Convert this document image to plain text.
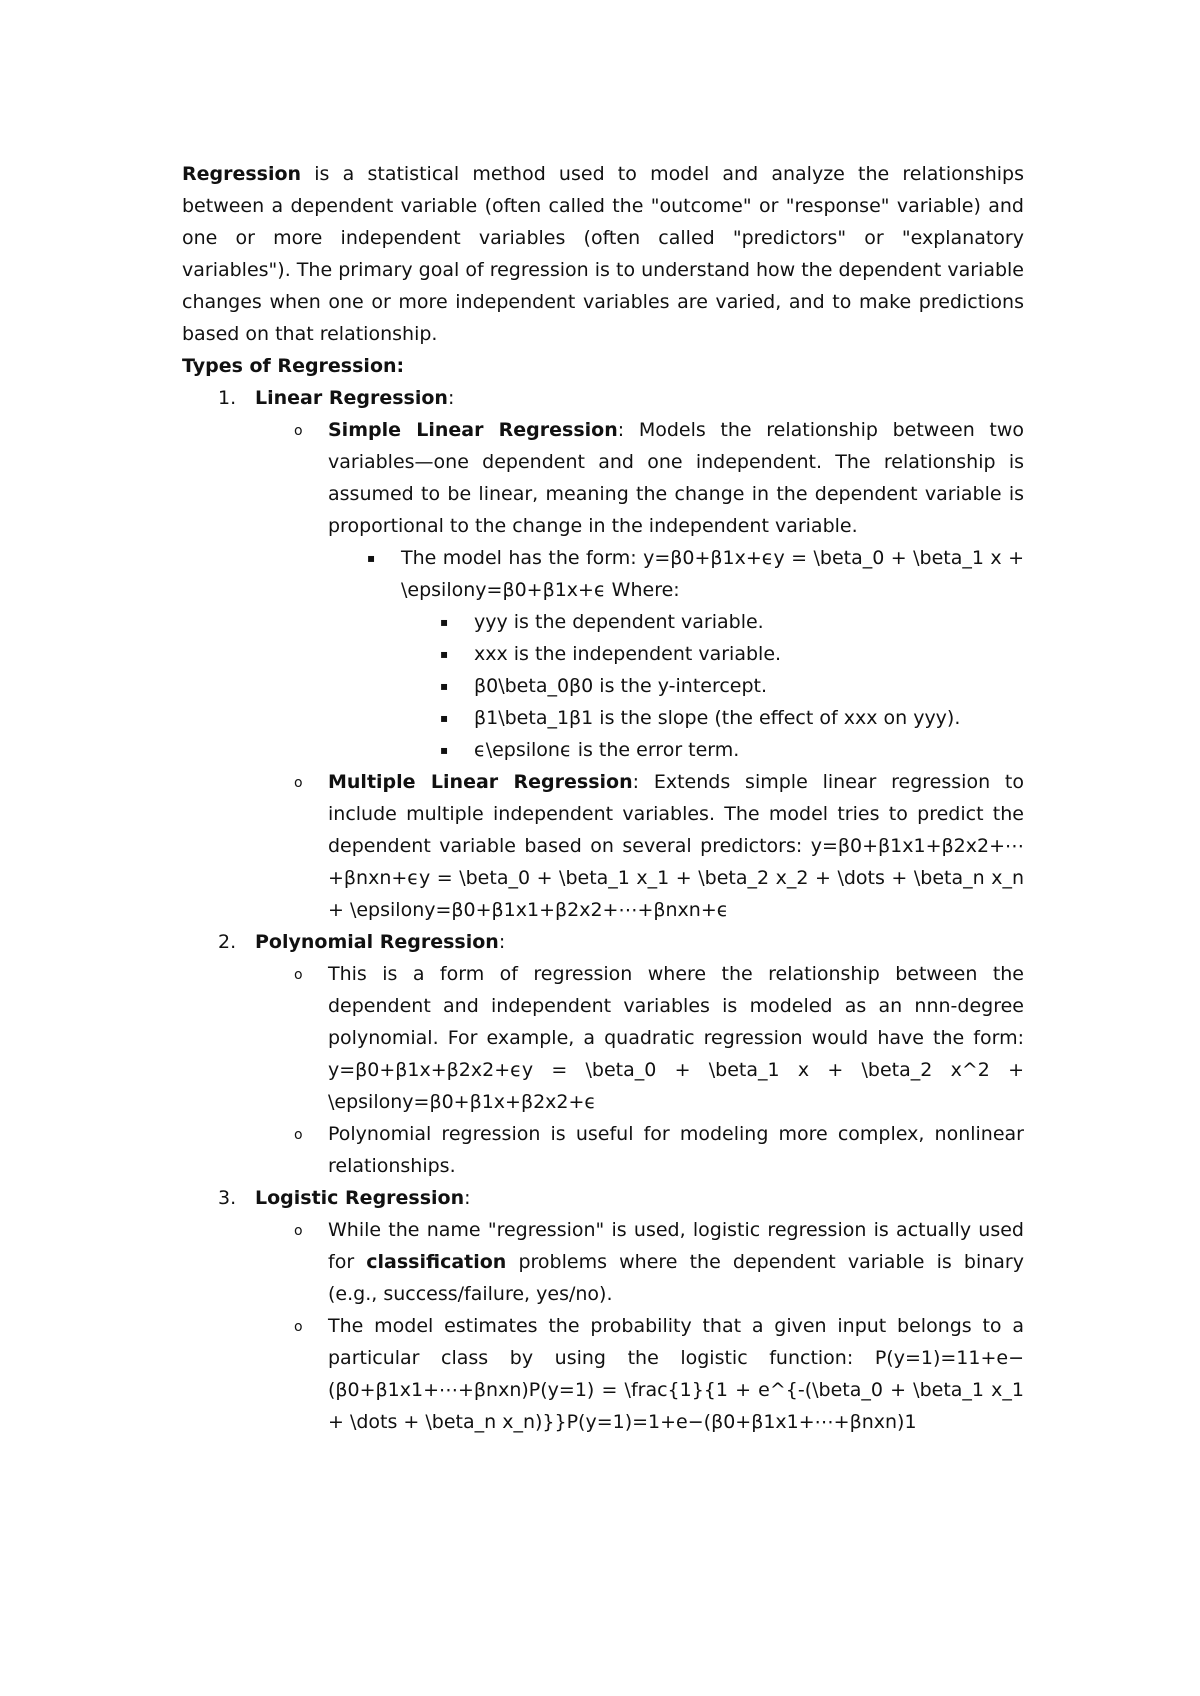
Regression is a statistical method used to model and analyze the relationships between a dependent variable (often called the "outcome" or "response" variable) and one or more independent variables (often called "predictors" or "explanatory variables"). The primary goal of regression is to understand how the dependent variable changes when one or more independent variables are varied, and to make predictions based on that relationship.

Types of Regression:

1. Linear Regression:
o Simple Linear Regression: Models the relationship between two variables—one dependent and one independent. The relationship is assumed to be linear, meaning the change in the dependent variable is proportional to the change in the independent variable.
▪ The model has the form: y=β0+β1x+ϵy = \beta_0 + \beta_1 x + \epsilony=β0​+β1​x+ϵ Where:
▪ yyy is the dependent variable.
▪ xxx is the independent variable.
▪ β0\beta_0β0​ is the y-intercept.
▪ β1\beta_1β1​ is the slope (the effect of xxx on yyy).
▪ ϵ\epsilonϵ is the error term.
o Multiple Linear Regression: Extends simple linear regression to include multiple independent variables. The model tries to predict the dependent variable based on several predictors: y=β0+β1x1+β2x2+⋯+βnxn+ϵy = \beta_0 + \beta_1 x_1 + \beta_2 x_2 + \dots + \beta_n x_n + \epsilony=β0​+β1​x1​+β2​x2​+⋯+βn​xn​+ϵ
2. Polynomial Regression:
o This is a form of regression where the relationship between the dependent and independent variables is modeled as an nnn-degree polynomial. For example, a quadratic regression would have the form: y=β0+β1x+β2x2+ϵy = \beta_0 + \beta_1 x + \beta_2 x^2 + \epsilony=β0​+β1​x+β2​x2+ϵ
o Polynomial regression is useful for modeling more complex, nonlinear relationships.
3. Logistic Regression:
o While the name "regression" is used, logistic regression is actually used for classification problems where the dependent variable is binary (e.g., success/failure, yes/no).
o The model estimates the probability that a given input belongs to a particular class by using the logistic function: P(y=1)=11+e−(β0+β1x1+⋯+βnxn)P(y=1) = \frac{1}{1 + e^{-(\beta_0 + \beta_1 x_1 + \dots + \beta_n x_n)}}P(y=1)=1+e−(β0​+β1​x1​+⋯+βn​xn​)1​
